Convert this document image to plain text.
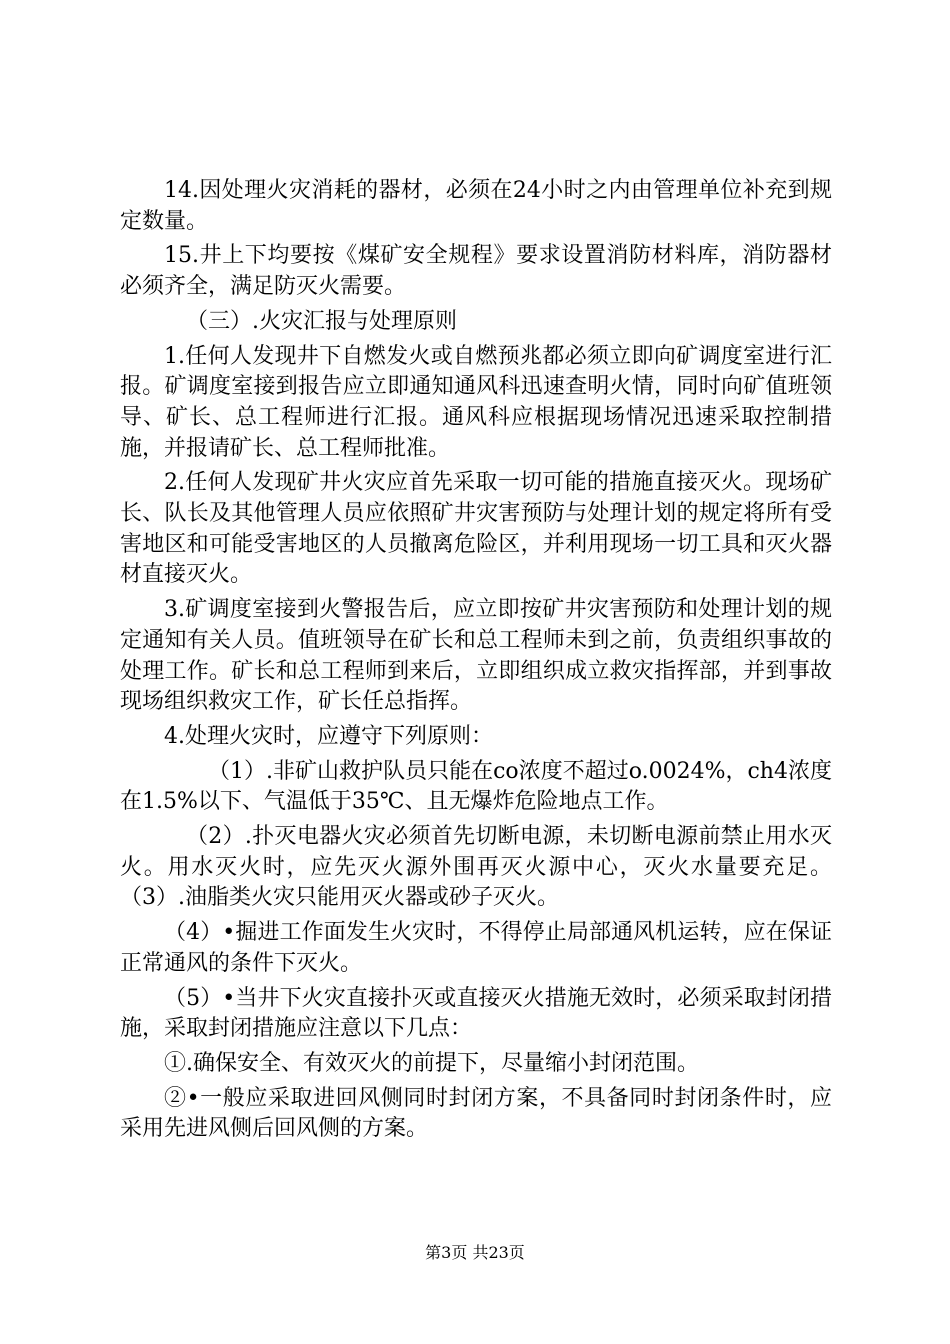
14.因处理火灾消耗的器材，必须在24小时之内由管理单位补充到规定数量。

15.井上下均要按《煤矿安全规程》要求设置消防材料库，消防器材必须齐全，满足防灭火需要。

（三）.火灾汇报与处理原则

1.任何人发现井下自燃发火或自燃预兆都必须立即向矿调度室进行汇报。矿调度室接到报告应立即通知通风科迅速查明火情，同时向矿值班领导、矿长、总工程师进行汇报。通风科应根据现场情况迅速采取控制措施，并报请矿长、总工程师批准。

2.任何人发现矿井火灾应首先采取一切可能的措施直接灭火。现场矿长、队长及其他管理人员应依照矿井灾害预防与处理计划的规定将所有受害地区和可能受害地区的人员撤离危险区，并利用现场一切工具和灭火器材直接灭火。

3.矿调度室接到火警报告后，应立即按矿井灾害预防和处理计划的规定通知有关人员。值班领导在矿长和总工程师未到之前，负责组织事故的处理工作。矿长和总工程师到来后，立即组织成立救灾指挥部，并到事故现场组织救灾工作，矿长任总指挥。

4.处理火灾时，应遵守下列原则：

（1）.非矿山救护队员只能在co浓度不超过o.0024%，ch4浓度在1.5%以下、气温低于35℃、且无爆炸危险地点工作。

（2）.扑灭电器火灾必须首先切断电源，未切断电源前禁止用水灭火。用水灭火时，应先灭火源外围再灭火源中心，灭火水量要充足。（3）.油脂类火灾只能用灭火器或砂子灭火。

（4）•掘进工作面发生火灾时，不得停止局部通风机运转，应在保证正常通风的条件下灭火。

（5）•当井下火灾直接扑灭或直接灭火措施无效时，必须采取封闭措施，采取封闭措施应注意以下几点：

①.确保安全、有效灭火的前提下，尽量缩小封闭范围。

②•一般应采取进回风侧同时封闭方案，不具备同时封闭条件时，应采用先进风侧后回风侧的方案。

第3页 共23页
